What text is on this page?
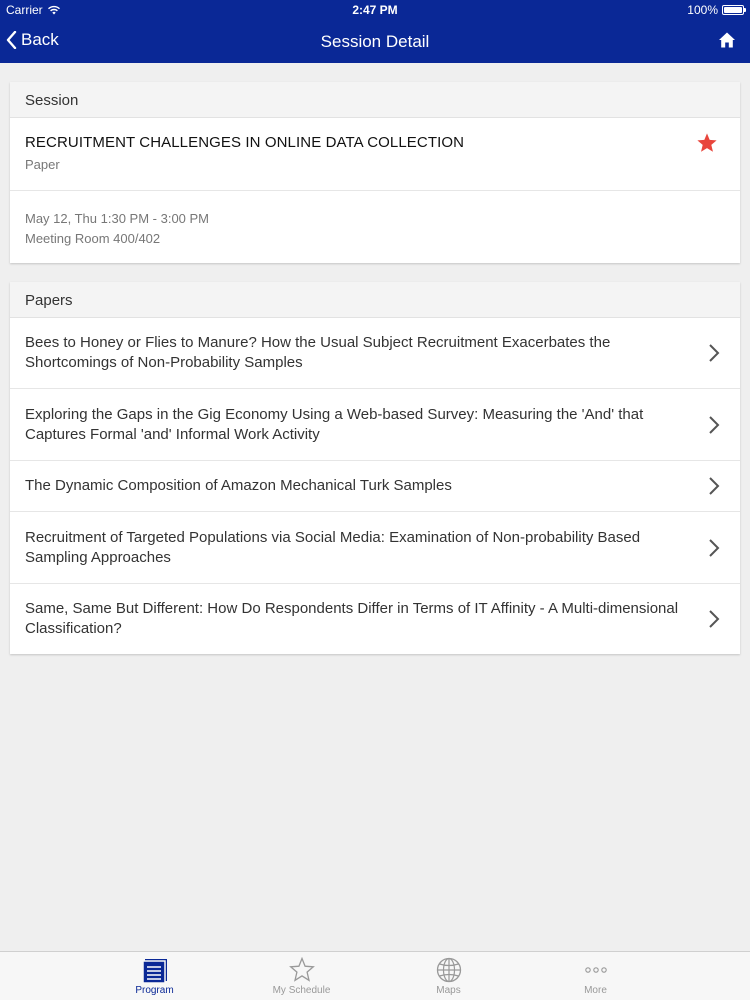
Carrier	2:47 PM	100%
Back	Session Detail
Session
RECRUITMENT CHALLENGES IN ONLINE DATA COLLECTION
Paper
May 12, Thu 1:30 PM - 3:00 PM
Meeting Room 400/402
Papers
Bees to Honey or Flies to Manure? How the Usual Subject Recruitment Exacerbates the Shortcomings of Non-Probability Samples
Exploring the Gaps in the Gig Economy Using a Web-based Survey: Measuring the 'And' that Captures Formal 'and' Informal Work Activity
The Dynamic Composition of Amazon Mechanical Turk Samples
Recruitment of Targeted Populations via Social Media: Examination of Non-probability Based Sampling Approaches
Same, Same But Different: How Do Respondents Differ in Terms of IT Affinity - A Multi-dimensional Classification?
Program	My Schedule	Maps	More
